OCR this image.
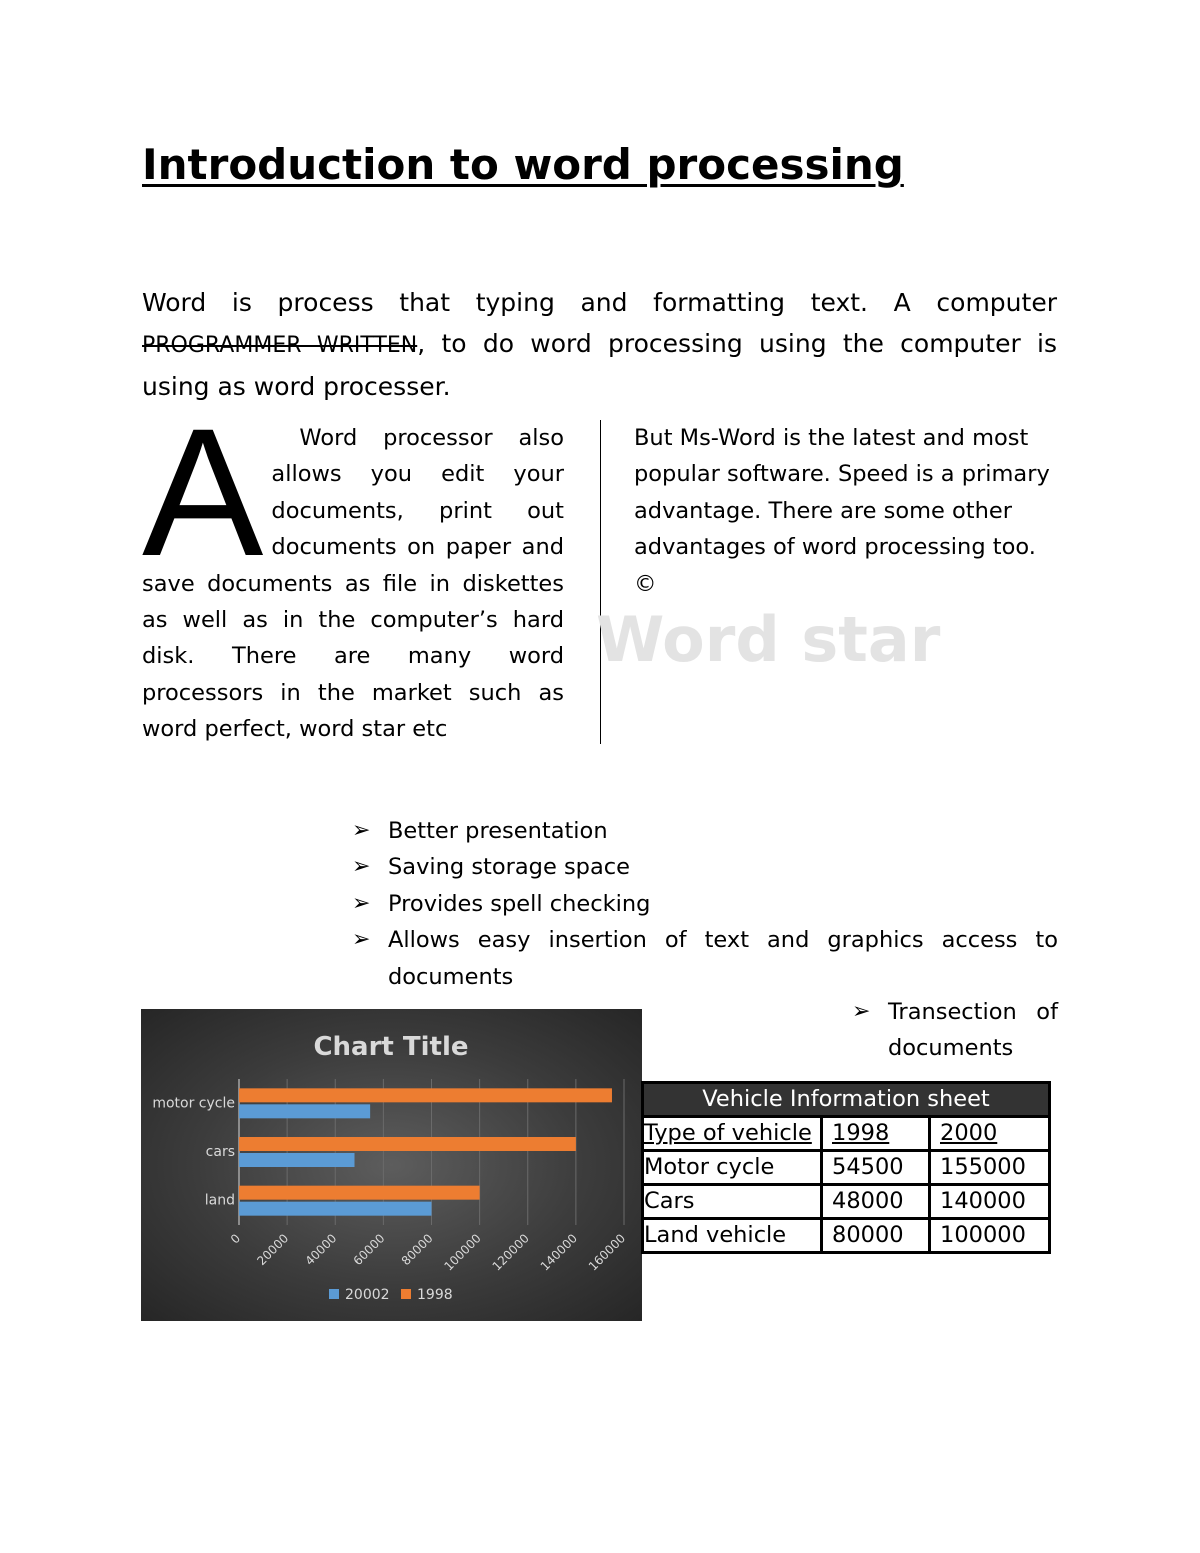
Introduction to word processing
Word is process that typing and formatting text. A computer PROGRAMMER WRITTEN, to do word processing using the computer is using as word processer.
A Word processor also allows you edit your documents, print out documents on paper and save documents as file in diskettes as well as in the computer’s hard disk. There are many word processors in the market such as word perfect, word star etc
But Ms-Word is the latest and most popular software. Speed is a primary advantage. There are some other advantages of word processing too. ©
Word star
➢ Better presentation
➢ Saving storage space
➢ Provides spell checking
➢ Allows easy insertion of text and graphics access to documents
➢ Transection of documents
Chart Title
0 20000 40000 60000 80000 100000 120000 140000 160000
motor cycle
cars
land
20002 1998
Vehicle Information sheet		
Type of vehicle	1998	2000
Motor cycle	54500	155000
Cars	48000	140000
Land vehicle	80000	100000
